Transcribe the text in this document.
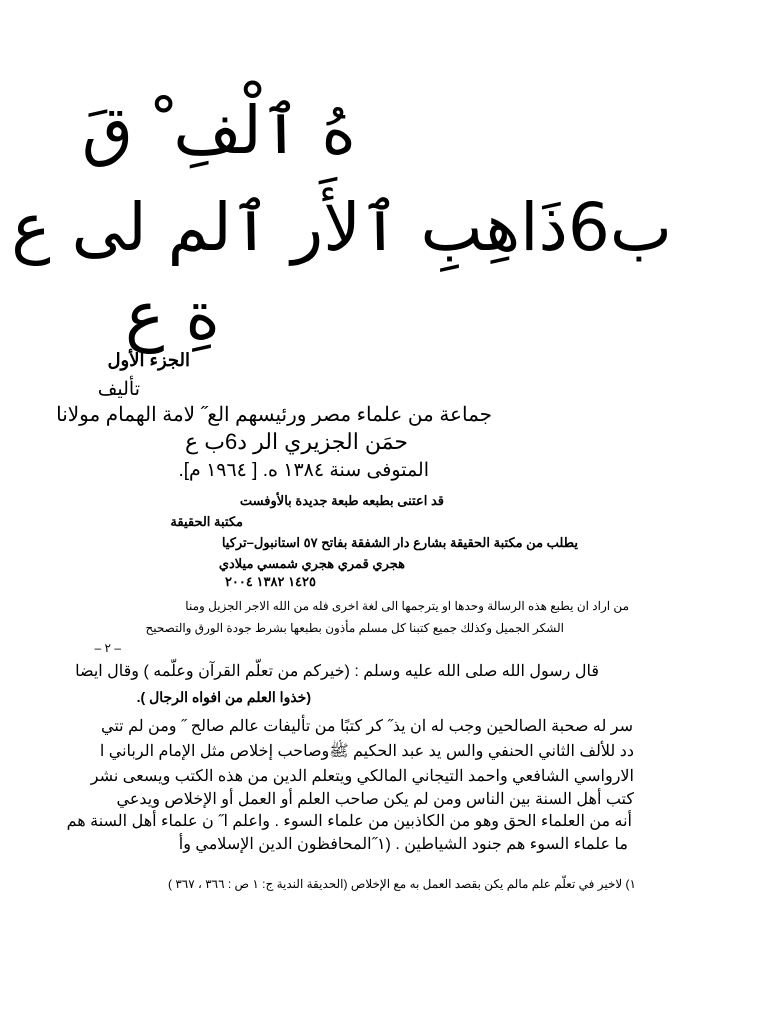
هُ ٱلْفِ ْ قَ
ب6ذَاهِبِ ٱلأَر ٱلم لى ع
ةِ ع
الجزء الأول
تأليف
جماعة من علماء مصر ورئيسهم الع˝ لامة الهمام مولانا
حمَن الجزيري الر د6ب ع
المتوفى سنة ١٣٨٤ ه. [ ١٩٦٤ م].
قد اعتنى بطبعه طبعة جديدة بالأوفست
مكتبة الحقيقة
يطلب من مكتبة الحقيقة بشارع دار الشفقة بفاتح ٥٧ استانبول–تركيا
هجري قمري هجري شمسي ميلادي
١٤٢٥ ١٣٨٢ ٢٠٠٤
من اراد ان يطبع هذه الرسالة وحدها او يترجمها الى لغة اخرى فله من الله الاجر الجزيل ومنا
الشكر الجميل وكذلك جميع كتبنا كل مسلم مأذون بطبعها بشرط جودة الورق والتصحيح
– ٢ –
قال رسول الله صلى الله عليه وسلم : (خيركم من تعلّم القرآن وعلّمه ) وقال ايضا
(خذوا العلم من افواه الرجال ).
سر له صحبة الصالحين وجب له ان يذ˝ كر كتبًا من تأليفات عالم صالح ˝ ومن لم تتي
دد للألف الثاني الحنفي والس يد عبد الحكيم ﷺوصاحب إخلاص مثل الإمام الرباني ا
الارواسي الشافعي واحمد التيجاني المالكي ويتعلم الدين من هذه الكتب ويسعى نشر
كتب أهل السنة بين الناس ومن لم يكن صاحب العلم أو العمل أو الإخلاص ويدعي
أنه من العلماء الحق وهو من الكاذبين من علماء السوء . واعلم ا˝ ن علماء أهل السنة هم
ما علماء السوء هم جنود الشياطين . (١˝المحافظون الدين الإسلامي وأ
١) لاخير في تعلّم علم مالم يكن بقصد العمل به مع الإخلاص (الحديقة الندية ج: ١ ص : ٣٦٦ ، ٣٦٧ )
